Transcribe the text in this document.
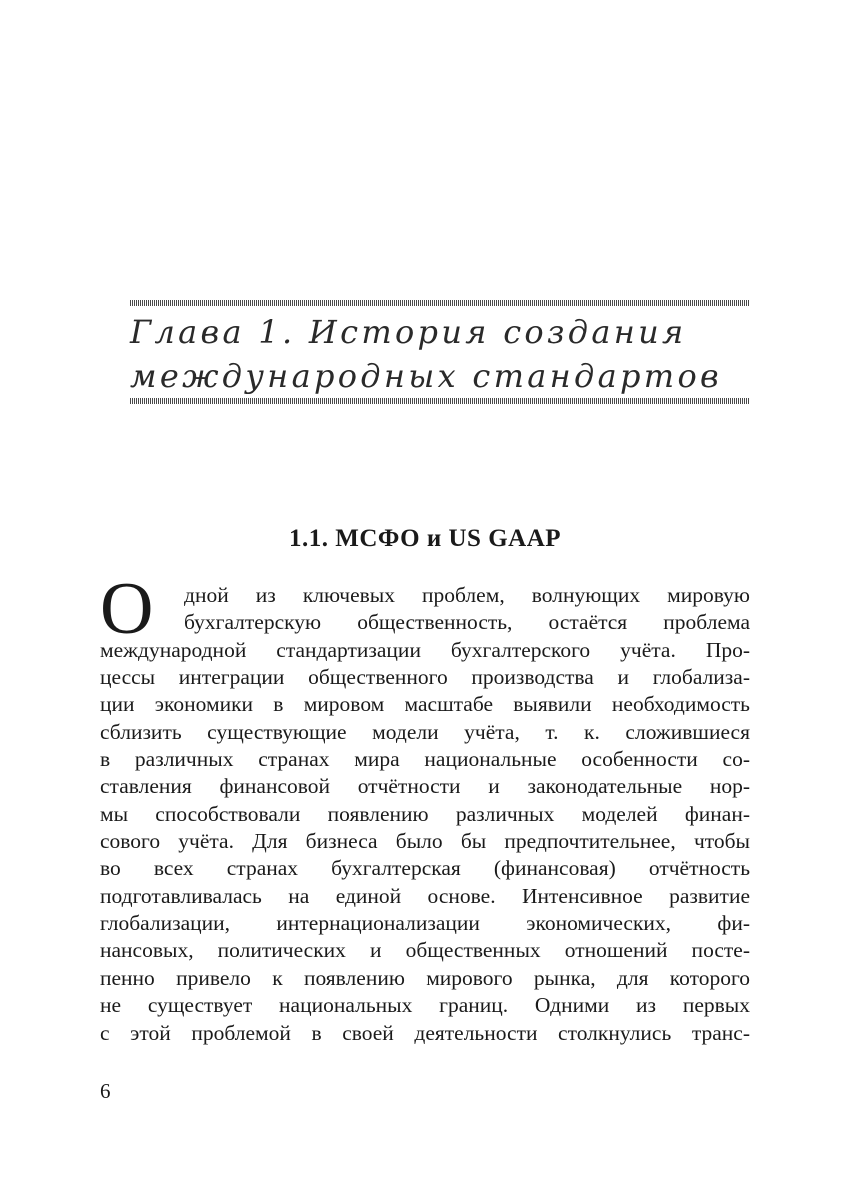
Глава 1. История создания
международных стандартов
1.1. МСФО и US GAAP
О	дной из ключевых проблем, волнующих мировую
бухгалтерскую общественность, остаётся проблема
международной стандартизации бухгалтерского учёта. Про-
цессы интеграции общественного производства и глобализа-
ции экономики в мировом масштабе выявили необходимость
сблизить существующие модели учёта, т. к. сложившиеся
в различных странах мира национальные особенности со-
ставления финансовой отчётности и законодательные нор-
мы способствовали появлению различных моделей финан-
сового учёта. Для бизнеса было бы предпочтительнее, чтобы
во всех странах бухгалтерская (финансовая) отчётность
подготавливалась на единой основе. Интенсивное развитие
глобализации, интернационализации экономических, фи-
нансовых, политических и общественных отношений посте-
пенно привело к появлению мирового рынка, для которого
не существует национальных границ. Одними из первых
с этой проблемой в своей деятельности столкнулись транс-
6
